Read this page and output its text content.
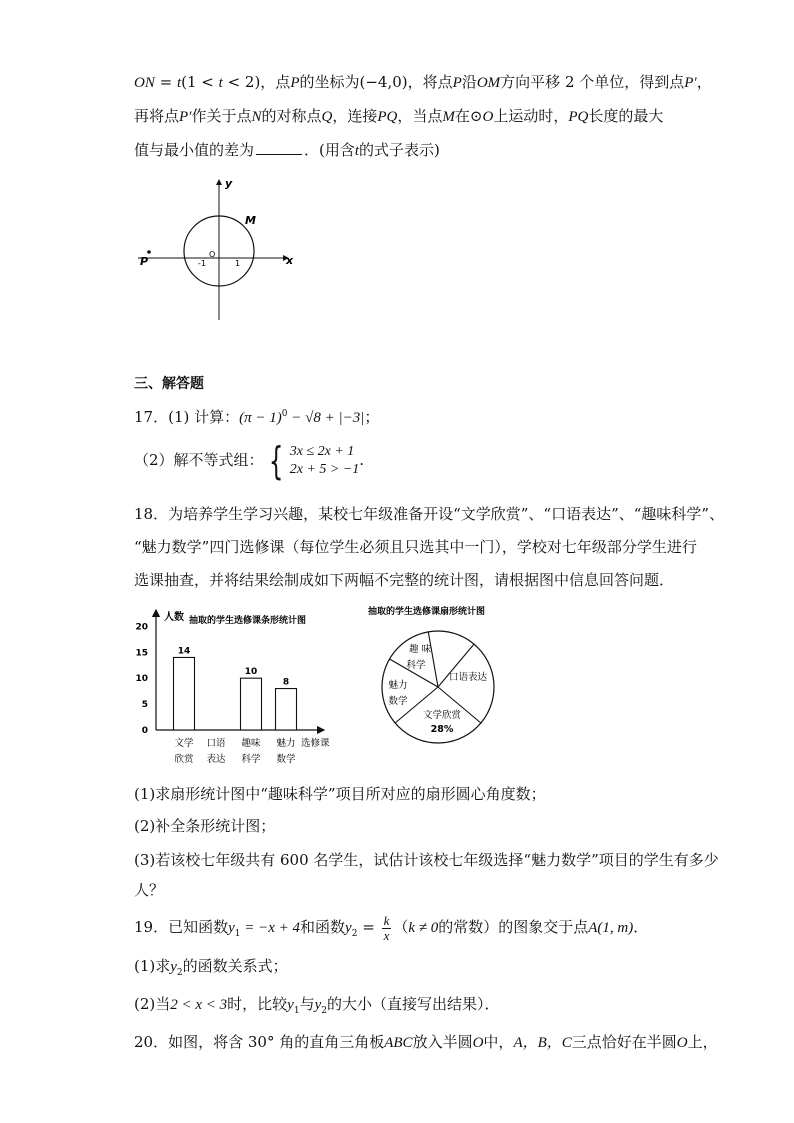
ON = t(1 < t < 2)，点P的坐标为(−4,0)，将点P沿OM方向平移 2 个单位，得到点P′，
再将点P′作关于点N的对称点Q，连接PQ，当点M在⊙O上运动时，PQ长度的最大
值与最小值的差为	．(用含t的式子表示)
y
x
M
P
O
-1	1
三、解答题
17．(1) 计算：$(\pi - 1)^0 - √8 + |-3|$；
（2）解不等式组： { 3x ≤ 2x + 1
2x + 5 > −1
.
18．为培养学生学习兴趣，某校七年级准备开设“文学欣赏”、“口语表达”、“趣味科学”、
“魅力数学”四门选修课（每位学生必须且只选其中一门），学校对七年级部分学生进行
选课抽查，并将结果绘制成如下两幅不完整的统计图，请根据图中信息回答问题．
人数 抽取的学生选修课条形统计图
0
5
10
15
20
14
文学
欣赏
口语
表达
10
趣味
科学
8
魅力
数学
选修课
抽取的学生选修课扇形统计图
趣 味
科学
口语表达
文学欣赏
28%
魅力
数学
(1)求扇形统计图中“趣味科学”项目所对应的扇形圆心角度数；
(2)补全条形统计图；
(3)若该校七年级共有 600 名学生，试估计该校七年级选择“魅力数学”项目的学生有多少
人？
19．已知函数$y_1 = -x + 4$和函数$y_2 = \frac{k}{x} (k \ne 0$的常数）的图象交于点A(1, m)．
(1)求$y_2$的函数关系式；
(2)当2 < x < 3时，比较$y_1$与$y_2$的大小（直接写出结果）．
20．如图，将含 30° 角的直角三角板ABC放入半圆O中，A，B，C三点恰好在半圆O上，
